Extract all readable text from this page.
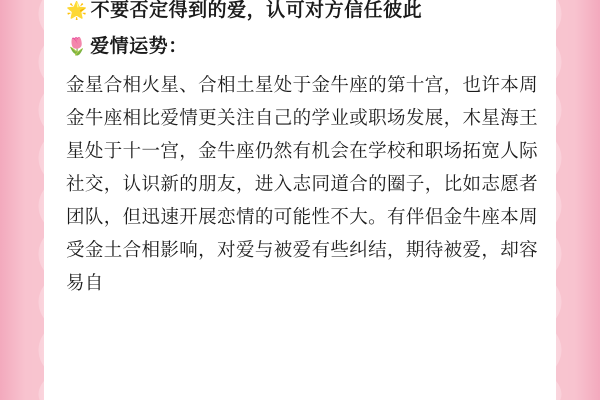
🌟 不要否定得到的爱，认可对方信任彼此
🌷 爱情运势 ：
金星合相火星、合相土星处于金牛座的第十宫，也许本周金牛座相比爱情更关注自己的学业或职场发展，木星海王星处于十一宫，金牛座仍然有机会在学校和职场拓宽人际社交，认识新的朋友，进入志同道合的圈子，比如志愿者团队，但迅速开展恋情的可能性不大。有伴侣金牛座本周受金土合相影响，对爱与被爱有些纠结，期待被爱，却容易自
